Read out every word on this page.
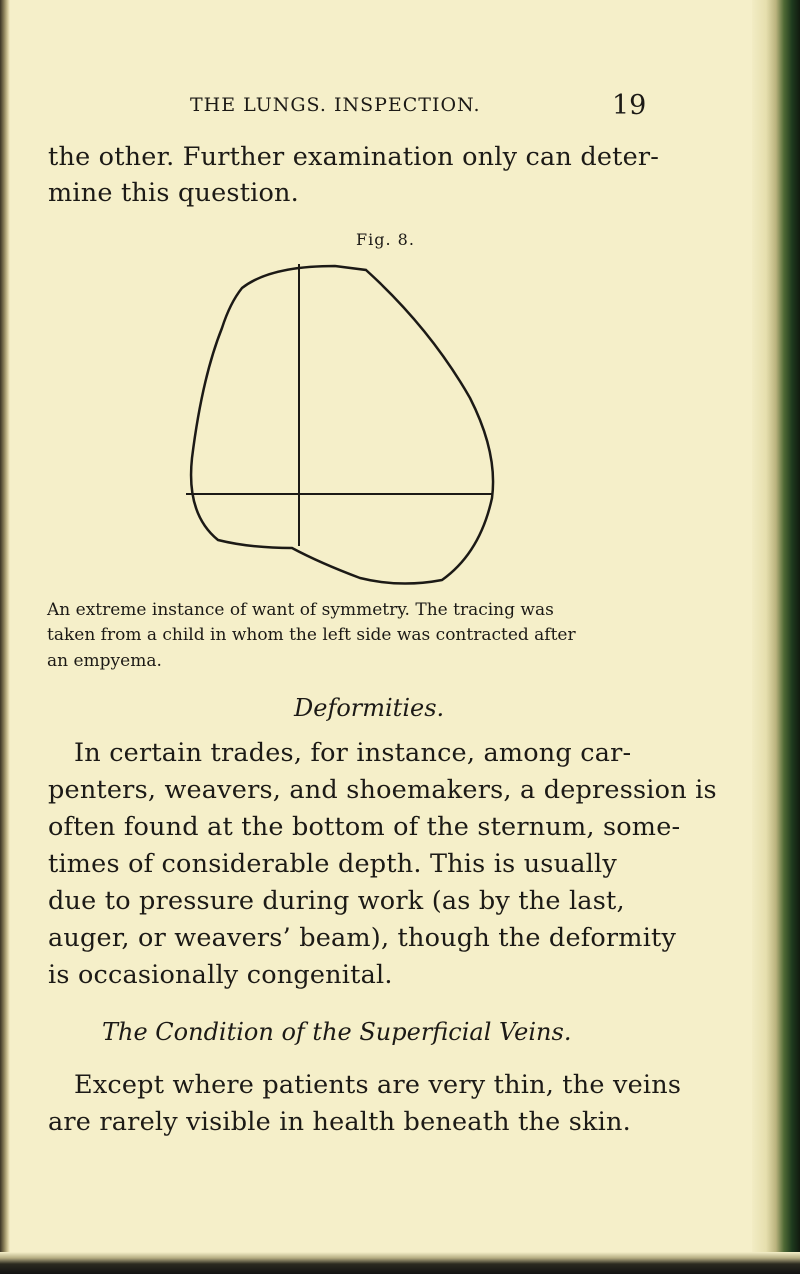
THE LUNGS. INSPECTION.	19

the other. Further examination only can deter-

mine this question.

Fig. 8.

An extreme instance of want of symmetry. The tracing was

taken from a child in whom the left side was contracted after

an empyema.

Deformities.

In certain trades, for instance, among car-

penters, weavers, and shoemakers, a depression is

often found at the bottom of the sternum, some-

times of considerable depth. This is usually

due to pressure during work (as by the last,

auger, or weavers’ beam), though the deformity

is occasionally congenital.

The Condition of the Superficial Veins.

Except where patients are very thin, the veins

are rarely visible in health beneath the skin.
